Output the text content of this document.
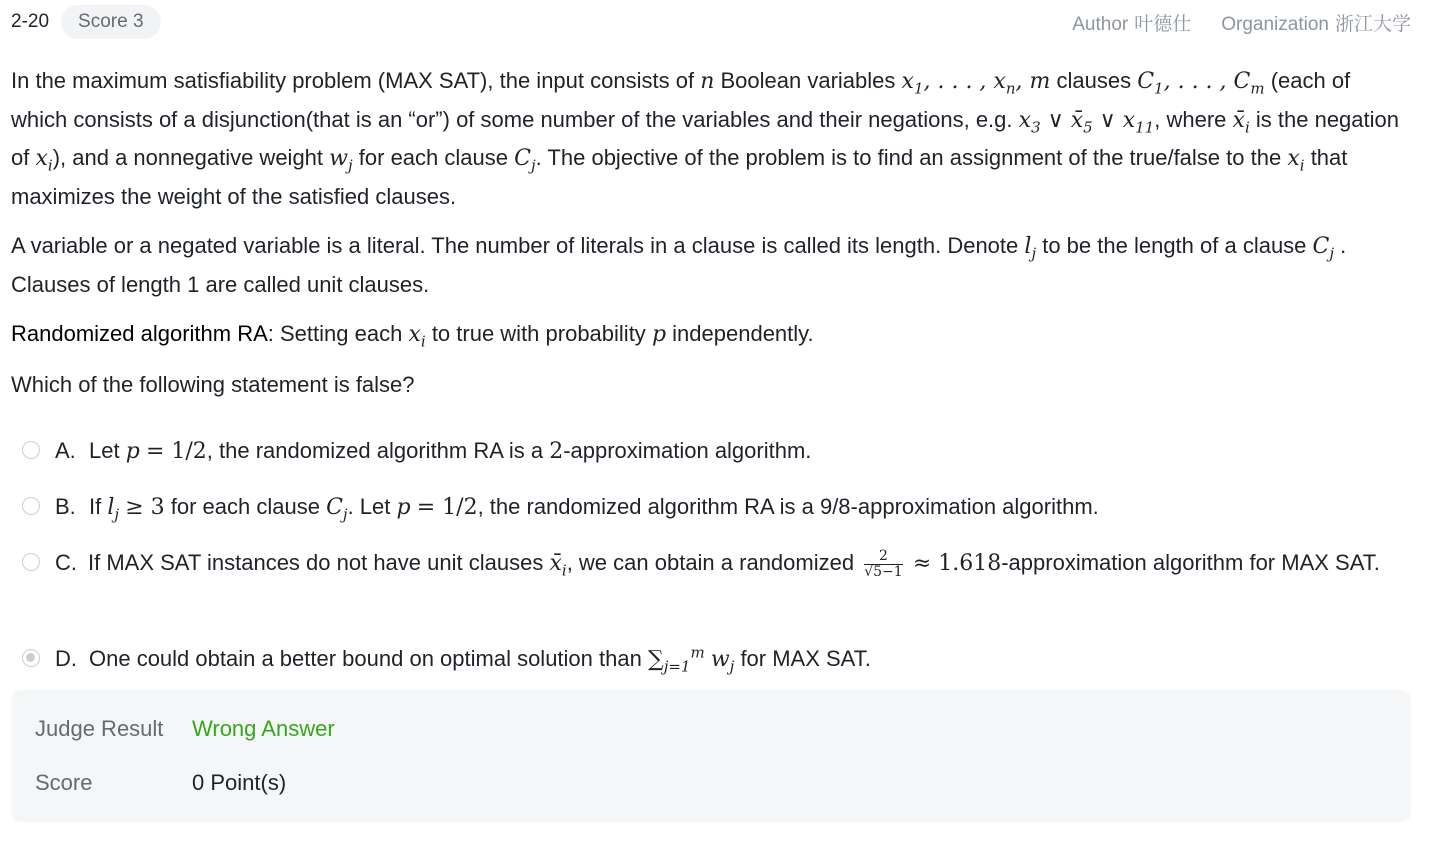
2-20	Score 3	Author 叶德仕 Organization 浙江大学

In the maximum satisfiability problem (MAX SAT), the input consists of n Boolean variables $x_1$, . . . , $x_n$, m clauses $C_1$, . . . , $C_m$ (each of which consists of a disjunction(that is an “or”) of some number of the variables and their negations, e.g. $x_3$ ∨ $x̄_5$ ∨ $x_{11}$, where $x̄_i$ is the negation of $x_i$), and a nonnegative weight $w_j$ for each clause $C_j$. The objective of the problem is to find an assignment of the true/false to the $x_i$ that maximizes the weight of the satisfied clauses.

A variable or a negated variable is a literal. The number of literals in a clause is called its length. Denote $l_j$ to be the length of a clause $C_j$ . Clauses of length 1 are called unit clauses.

Randomized algorithm RA: Setting each $x_i$ to true with probability p independently.

Which of the following statement is false?

A. Let p = 1/2, the randomized algorithm RA is a 2-approximation algorithm.
B. If $l_j \ge 3$ for each clause $C_j$. Let p = 1/2, the randomized algorithm RA is a 9/8-approximation algorithm.
C. If MAX SAT instances do not have unit clauses $x̄_i$, we can obtain a randomized $\frac{2}{√5-1}$ ≈ 1.618-approximation algorithm for MAX SAT.
D. One could obtain a better bound on optimal solution than $\sum_{j=1}^m$ $w_j$ for MAX SAT.
Judge Result Wrong Answer
Score	0 Point(s)
